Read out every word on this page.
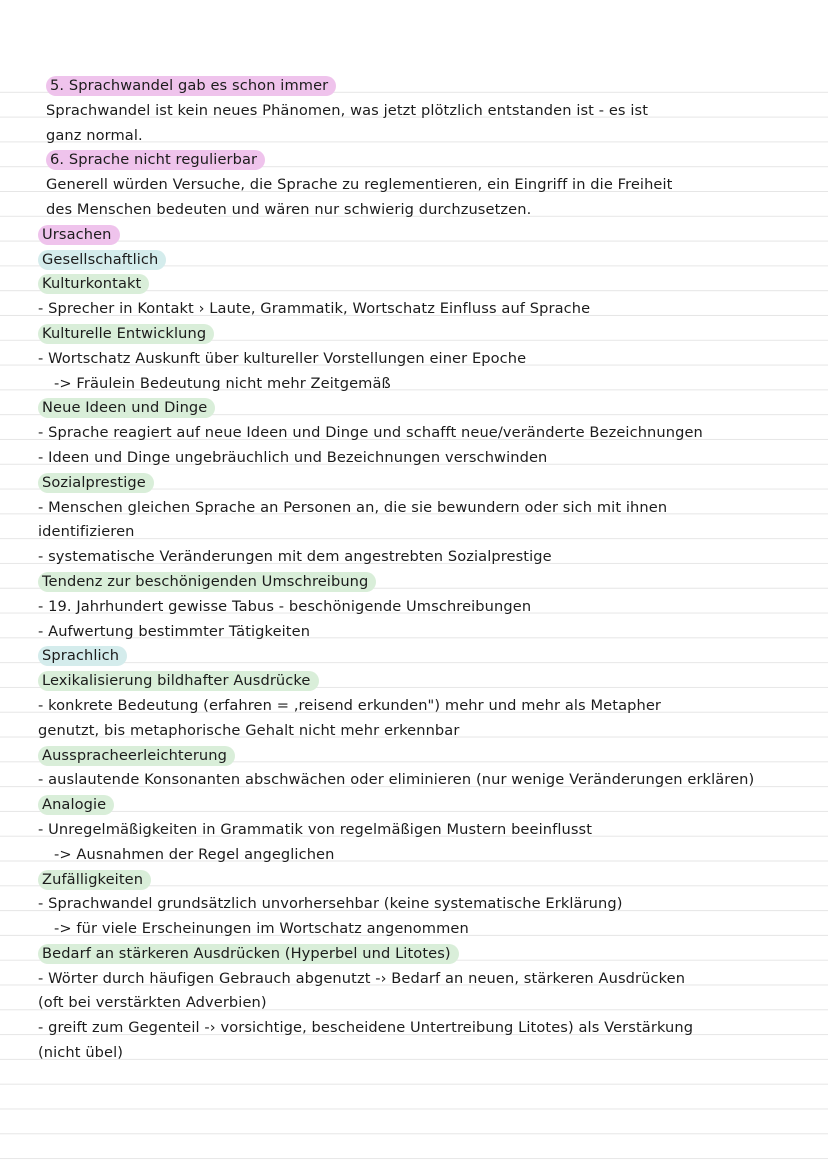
5. Sprachwandel gab es schon immer
Sprachwandel ist kein neues Phänomen, was jetzt plötzlich entstanden ist - es ist
ganz normal.
6. Sprache nicht regulierbar
Generell würden Versuche, die Sprache zu reglementieren, ein Eingriff in die Freiheit
des Menschen bedeuten und wären nur schwierig durchzusetzen.
Ursachen
Gesellschaftlich
Kulturkontakt
- Sprecher in Kontakt › Laute, Grammatik, Wortschatz Einfluss auf Sprache
Kulturelle Entwicklung
- Wortschatz Auskunft über kultureller Vorstellungen einer Epoche
-> Fräulein Bedeutung nicht mehr Zeitgemäß
Neue Ideen und Dinge
- Sprache reagiert auf neue Ideen und Dinge und schafft neue/veränderte Bezeichnungen
- Ideen und Dinge ungebräuchlich und Bezeichnungen verschwinden
Sozialprestige
- Menschen gleichen Sprache an Personen an, die sie bewundern oder sich mit ihnen
identifizieren
- systematische Veränderungen mit dem angestrebten Sozialprestige
Tendenz zur beschönigenden Umschreibung
- 19. Jahrhundert gewisse Tabus - beschönigende Umschreibungen
- Aufwertung bestimmter Tätigkeiten
Sprachlich
Lexikalisierung bildhafter Ausdrücke
- konkrete Bedeutung (erfahren = ‚reisend erkunden") mehr und mehr als Metapher
genutzt, bis metaphorische Gehalt nicht mehr erkennbar
Ausspracheerleichterung
- auslautende Konsonanten abschwächen oder eliminieren (nur wenige Veränderungen erklären)
Analogie
- Unregelmäßigkeiten in Grammatik von regelmäßigen Mustern beeinflusst
-> Ausnahmen der Regel angeglichen
Zufälligkeiten
- Sprachwandel grundsätzlich unvorhersehbar (keine systematische Erklärung)
-> für viele Erscheinungen im Wortschatz angenommen
Bedarf an stärkeren Ausdrücken (Hyperbel und Litotes)
- Wörter durch häufigen Gebrauch abgenutzt -› Bedarf an neuen, stärkeren Ausdrücken
(oft bei verstärkten Adverbien)
- greift zum Gegenteil -› vorsichtige, bescheidene Untertreibung Litotes) als Verstärkung
(nicht übel)
